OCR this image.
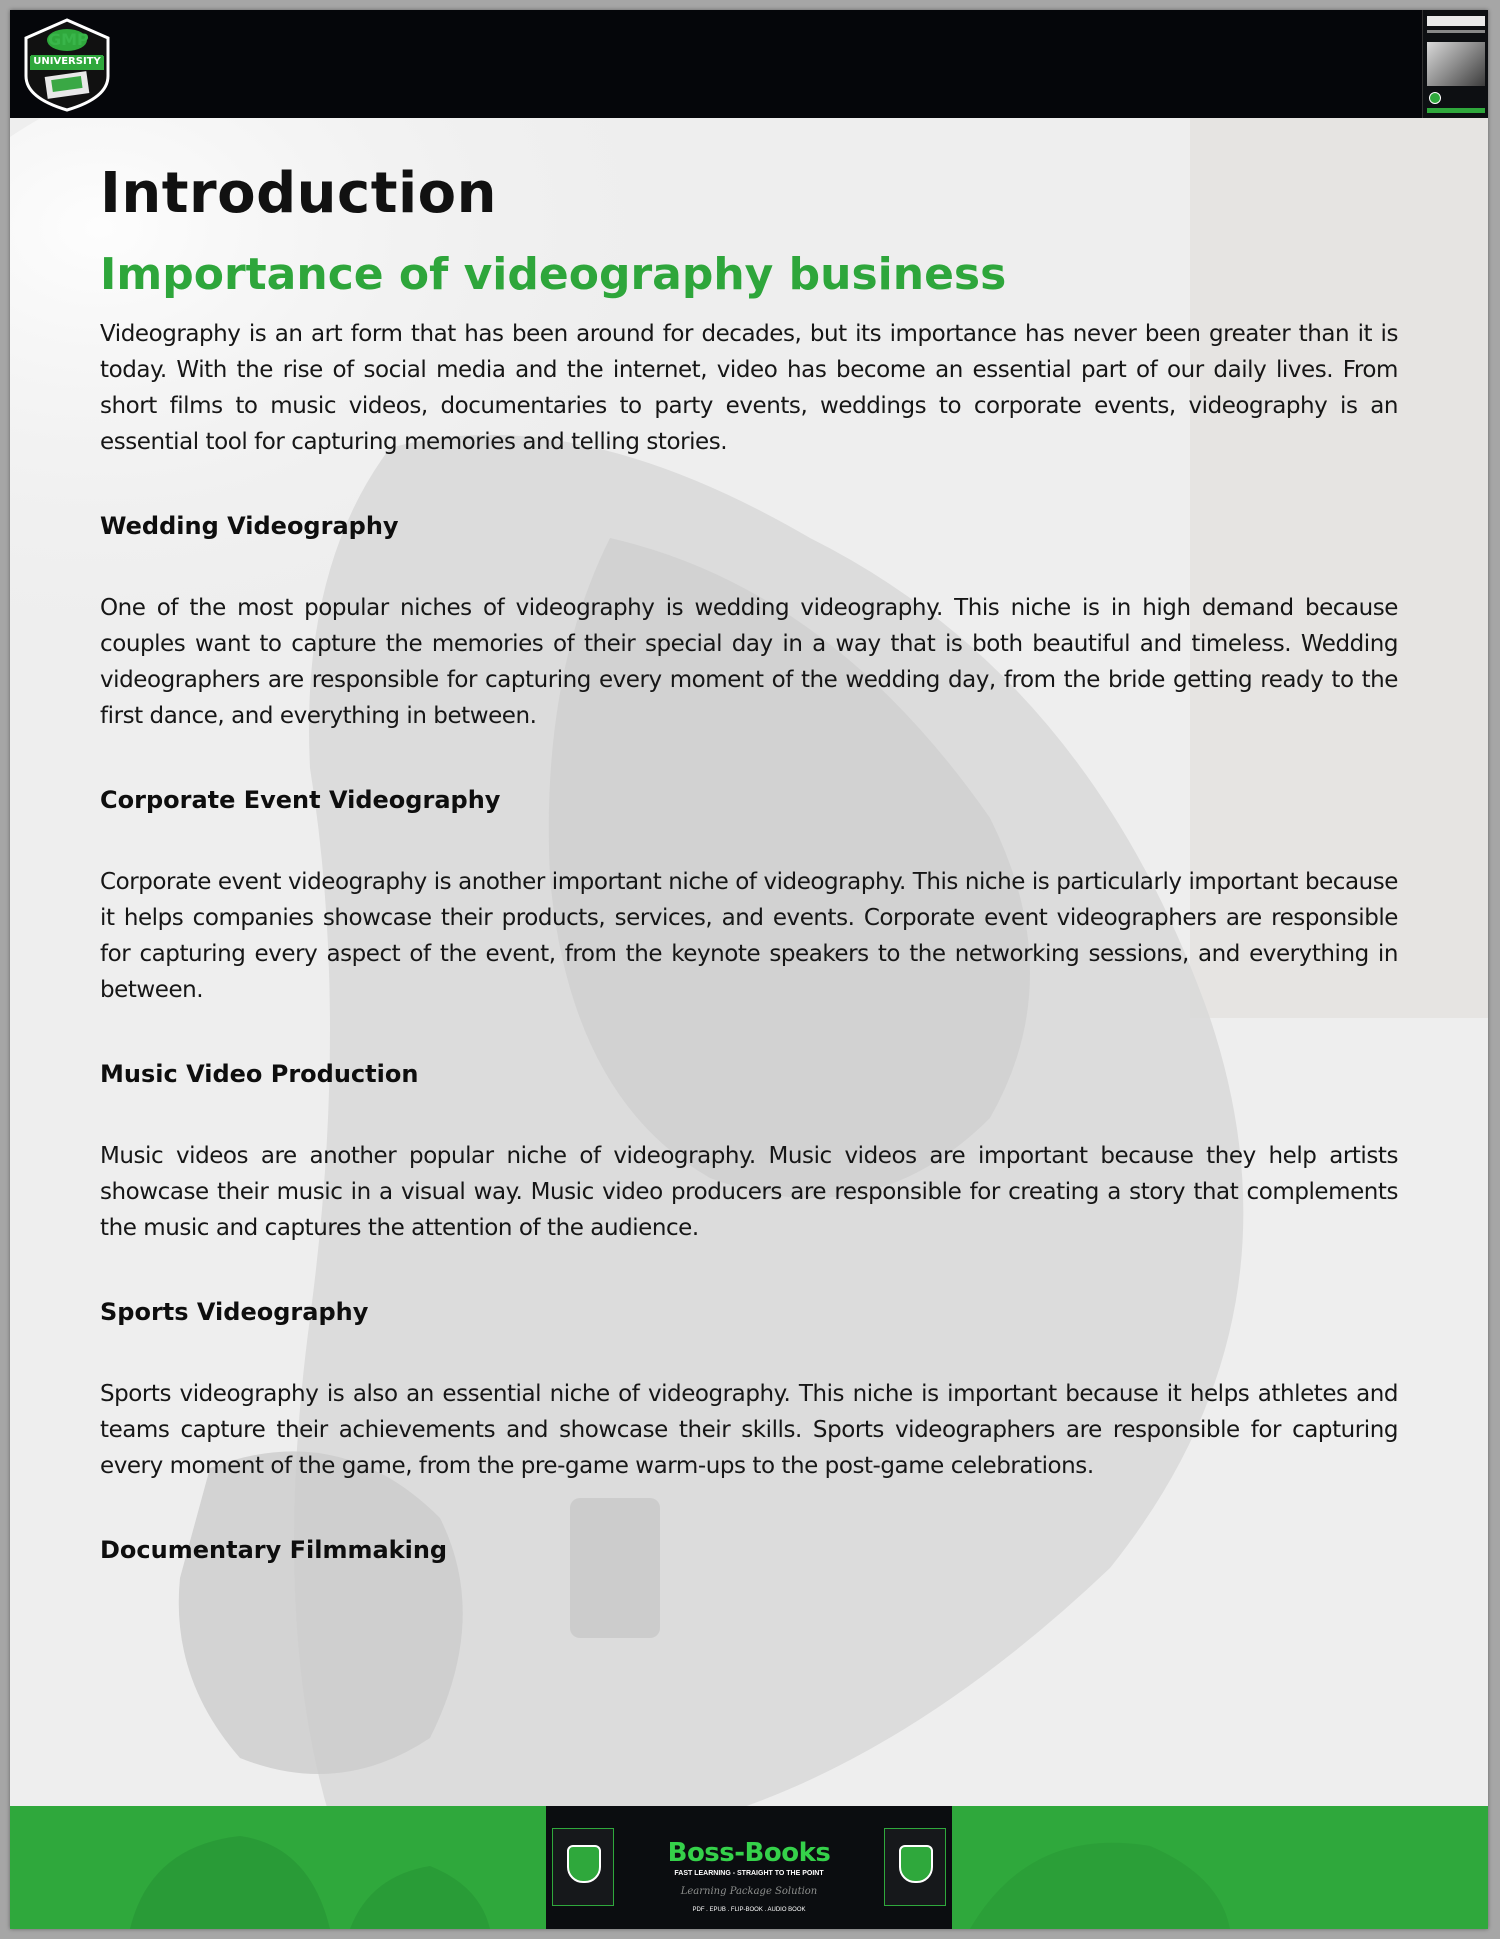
GMP
UNIVERSITY
Introduction
Importance of videography business

Videography is an art form that has been around for decades, but its importance has never been greater than it is today. With the rise of social media and the internet, video has become an essential part of our daily lives. From short films to music videos, documentaries to party events, weddings to corporate events, videography is an essential tool for capturing memories and telling stories.

Wedding Videography

One of the most popular niches of videography is wedding videography. This niche is in high demand because couples want to capture the memories of their special day in a way that is both beautiful and timeless. Wedding videographers are responsible for capturing every moment of the wedding day, from the bride getting ready to the first dance, and everything in between.

Corporate Event Videography

Corporate event videography is another important niche of videography. This niche is particularly important because it helps companies showcase their products, services, and events. Corporate event videographers are responsible for capturing every aspect of the event, from the keynote speakers to the networking sessions, and everything in between.

Music Video Production

Music videos are another popular niche of videography. Music videos are important because they help artists showcase their music in a visual way. Music video producers are responsible for creating a story that complements the music and captures the attention of the audience.

Sports Videography

Sports videography is also an essential niche of videography. This niche is important because it helps athletes and teams capture their achievements and showcase their skills. Sports videographers are responsible for capturing every moment of the game, from the pre-game warm-ups to the post-game celebrations.

Documentary Filmmaking
Boss-Books
FAST LEARNING - STRAIGHT TO THE POINT
Learning Package Solution
PDF . EPUB . FLIP-BOOK . AUDIO BOOK
